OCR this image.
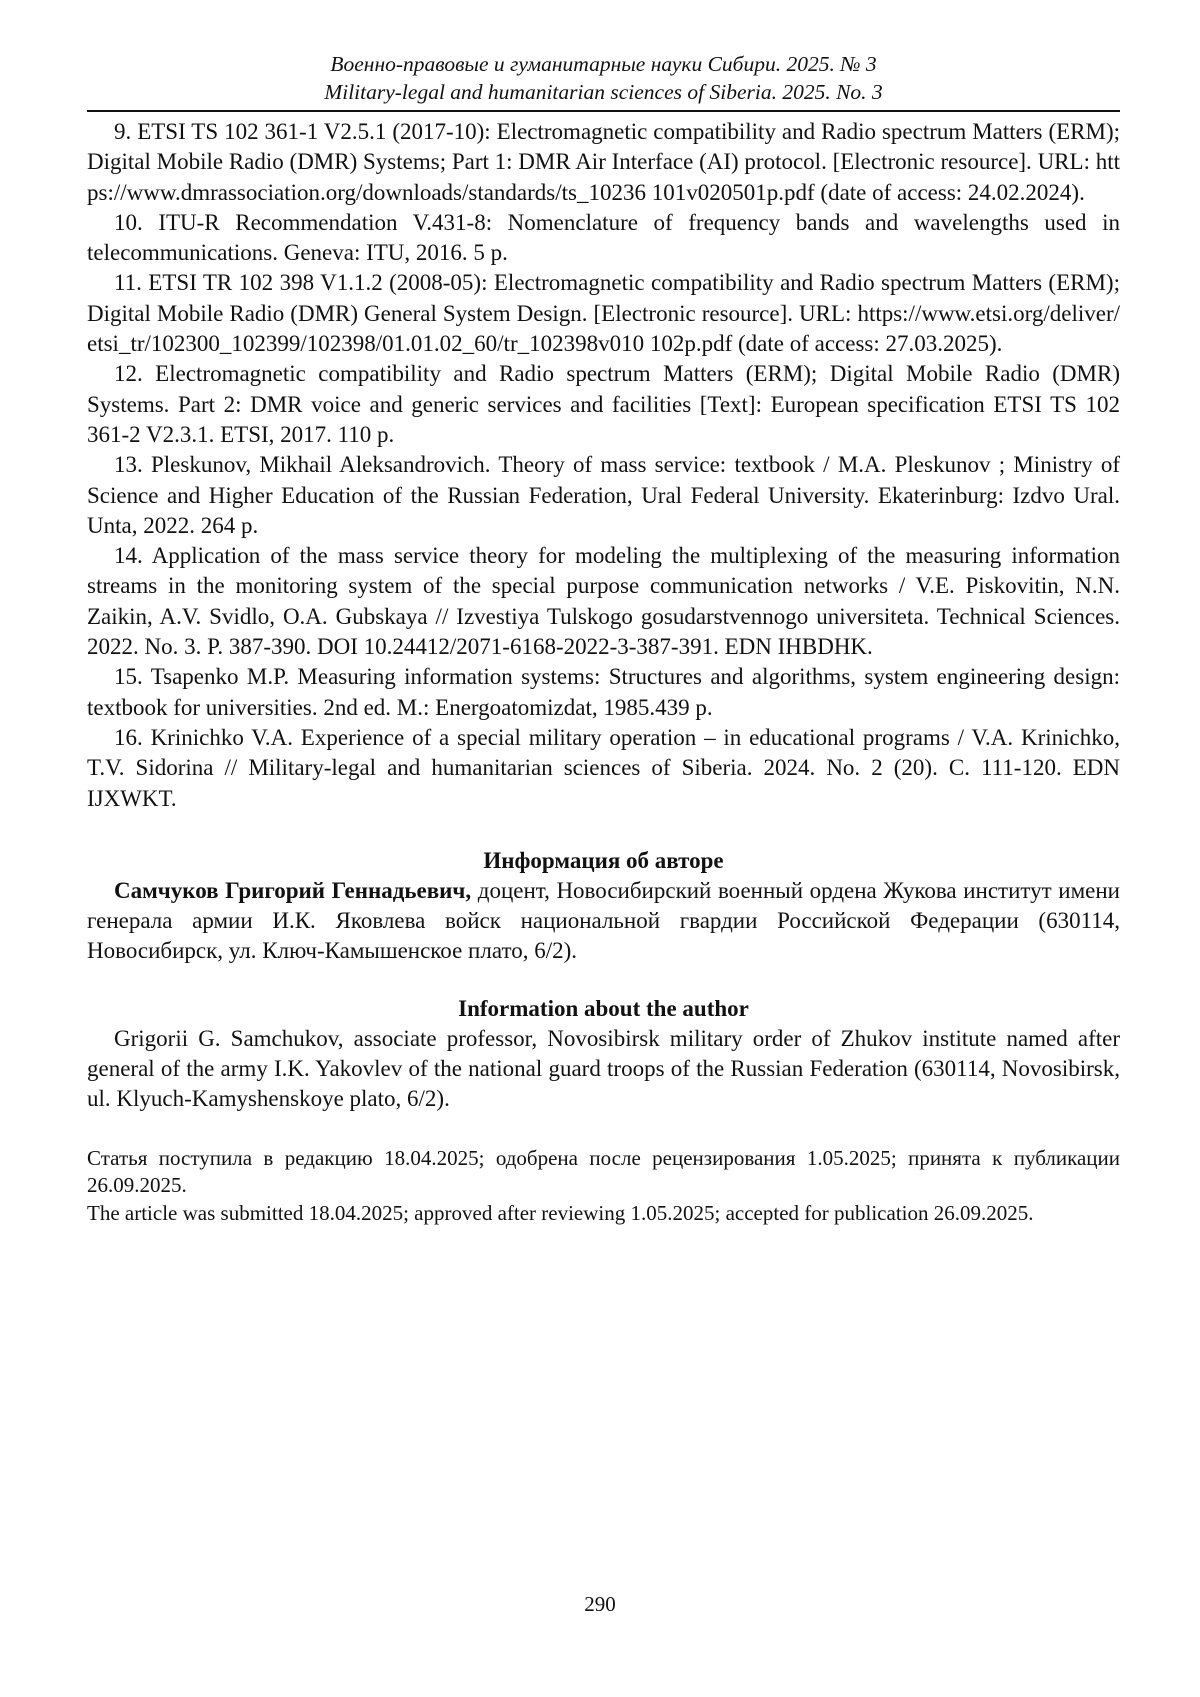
Военно-правовые и гуманитарные науки Сибири. 2025. № 3
Military-legal and humanitarian sciences of Siberia. 2025. No. 3

9. ETSI TS 102 361-1 V2.5.1 (2017-10): Electromagnetic compatibility and Radio spectrum Matters (ERM); Digital Mobile Radio (DMR) Systems; Part 1: DMR Air Interface (AI) protocol. [Electronic resource]. URL: https://www.dmrassociation.org/downloads/standards/ts_10236 101v020501p.pdf (date of access: 24.02.2024).

10. ITU-R Recommendation V.431-8: Nomenclature of frequency bands and wavelengths used in telecommunications. Geneva: ITU, 2016. 5 p.

11. ETSI TR 102 398 V1.1.2 (2008-05): Electromagnetic compatibility and Radio spectrum Matters (ERM); Digital Mobile Radio (DMR) General System Design. [Electronic resource]. URL: https://www.etsi.org/deliver/etsi_tr/102300_102399/102398/01.01.02_60/tr_102398v010 102p.pdf (date of access: 27.03.2025).

12. Electromagnetic compatibility and Radio spectrum Matters (ERM); Digital Mobile Radio (DMR) Systems. Part 2: DMR voice and generic services and facilities [Text]: European specification ETSI TS 102 361-2 V2.3.1. ETSI, 2017. 110 p.

13. Pleskunov, Mikhail Aleksandrovich. Theory of mass service: textbook / M.A. Pleskunov ; Ministry of Science and Higher Education of the Russian Federation, Ural Federal University. Ekaterinburg: Izdvo Ural. Unta, 2022. 264 p.

14. Application of the mass service theory for modeling the multiplexing of the measuring information streams in the monitoring system of the special purpose communication networks / V.E. Piskovitin, N.N. Zaikin, A.V. Svidlo, O.A. Gubskaya // Izvestiya Tulskogo gosudarstvennogo universiteta. Technical Sciences. 2022. No. 3. P. 387-390. DOI 10.24412/2071-6168-2022-3-387-391. EDN IHBDHK.

15. Tsapenko M.P. Measuring information systems: Structures and algorithms, system engineering design: textbook for universities. 2nd ed. M.: Energoatomizdat, 1985.439 p.

16. Krinichko V.A. Experience of a special military operation – in educational programs / V.A. Krinichko, T.V. Sidorina // Military-legal and humanitarian sciences of Siberia. 2024. No. 2 (20). C. 111-120. EDN IJXWKT.

Информация об авторе

Самчуков Григорий Геннадьевич, доцент, Новосибирский военный ордена Жукова институт имени генерала армии И.К. Яковлева войск национальной гвардии Российской Федерации (630114, Новосибирск, ул. Ключ-Камышенское плато, 6/2).

Information about the author

Grigorii G. Samchukov, associate professor, Novosibirsk military order of Zhukov institute named after general of the army I.K. Yakovlev of the national guard troops of the Russian Federation (630114, Novosibirsk, ul. Klyuch-Kamyshenskoye plato, 6/2).

Статья поступила в редакцию 18.04.2025; одобрена после рецензирования 1.05.2025; принята к публикации 26.09.2025.

The article was submitted 18.04.2025; approved after reviewing 1.05.2025; accepted for publication 26.09.2025.

290
